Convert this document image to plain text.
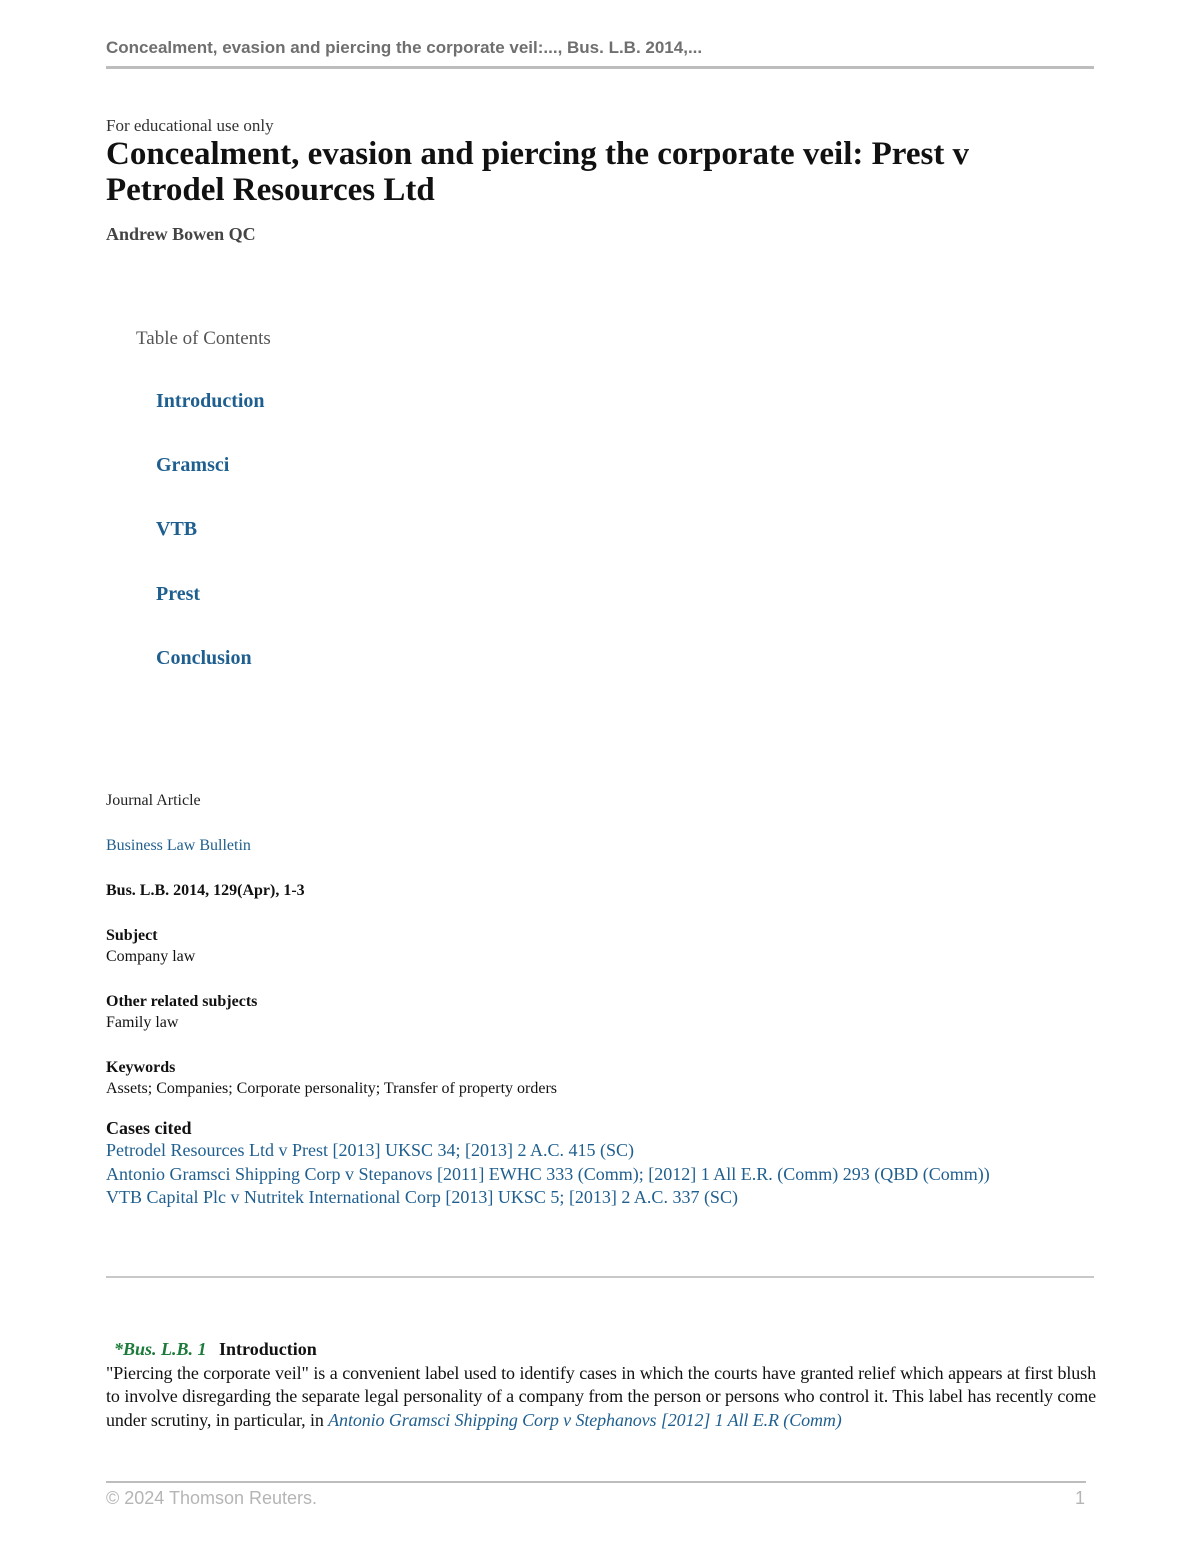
Concealment, evasion and piercing the corporate veil:..., Bus. L.B. 2014,...
For educational use only
Concealment, evasion and piercing the corporate veil: Prest v Petrodel Resources Ltd
Andrew Bowen QC
Table of Contents
Introduction
Gramsci
VTB
Prest
Conclusion
Journal Article
Business Law Bulletin
Bus. L.B. 2014, 129(Apr), 1-3
Subject
Company law
Other related subjects
Family law
Keywords
Assets; Companies; Corporate personality; Transfer of property orders
Cases cited
Petrodel Resources Ltd v Prest [2013] UKSC 34; [2013] 2 A.C. 415 (SC)
Antonio Gramsci Shipping Corp v Stepanovs [2011] EWHC 333 (Comm); [2012] 1 All E.R. (Comm) 293 (QBD (Comm))
VTB Capital Plc v Nutritek International Corp [2013] UKSC 5; [2013] 2 A.C. 337 (SC)
*Bus. L.B. 1 Introduction

"Piercing the corporate veil" is a convenient label used to identify cases in which the courts have granted relief which appears at first blush to involve disregarding the separate legal personality of a company from the person or persons who control it. This label has recently come under scrutiny, in particular, in Antonio Gramsci Shipping Corp v Stephanovs [2012] 1 All E.R (Comm)

© 2024 Thomson Reuters.	1
